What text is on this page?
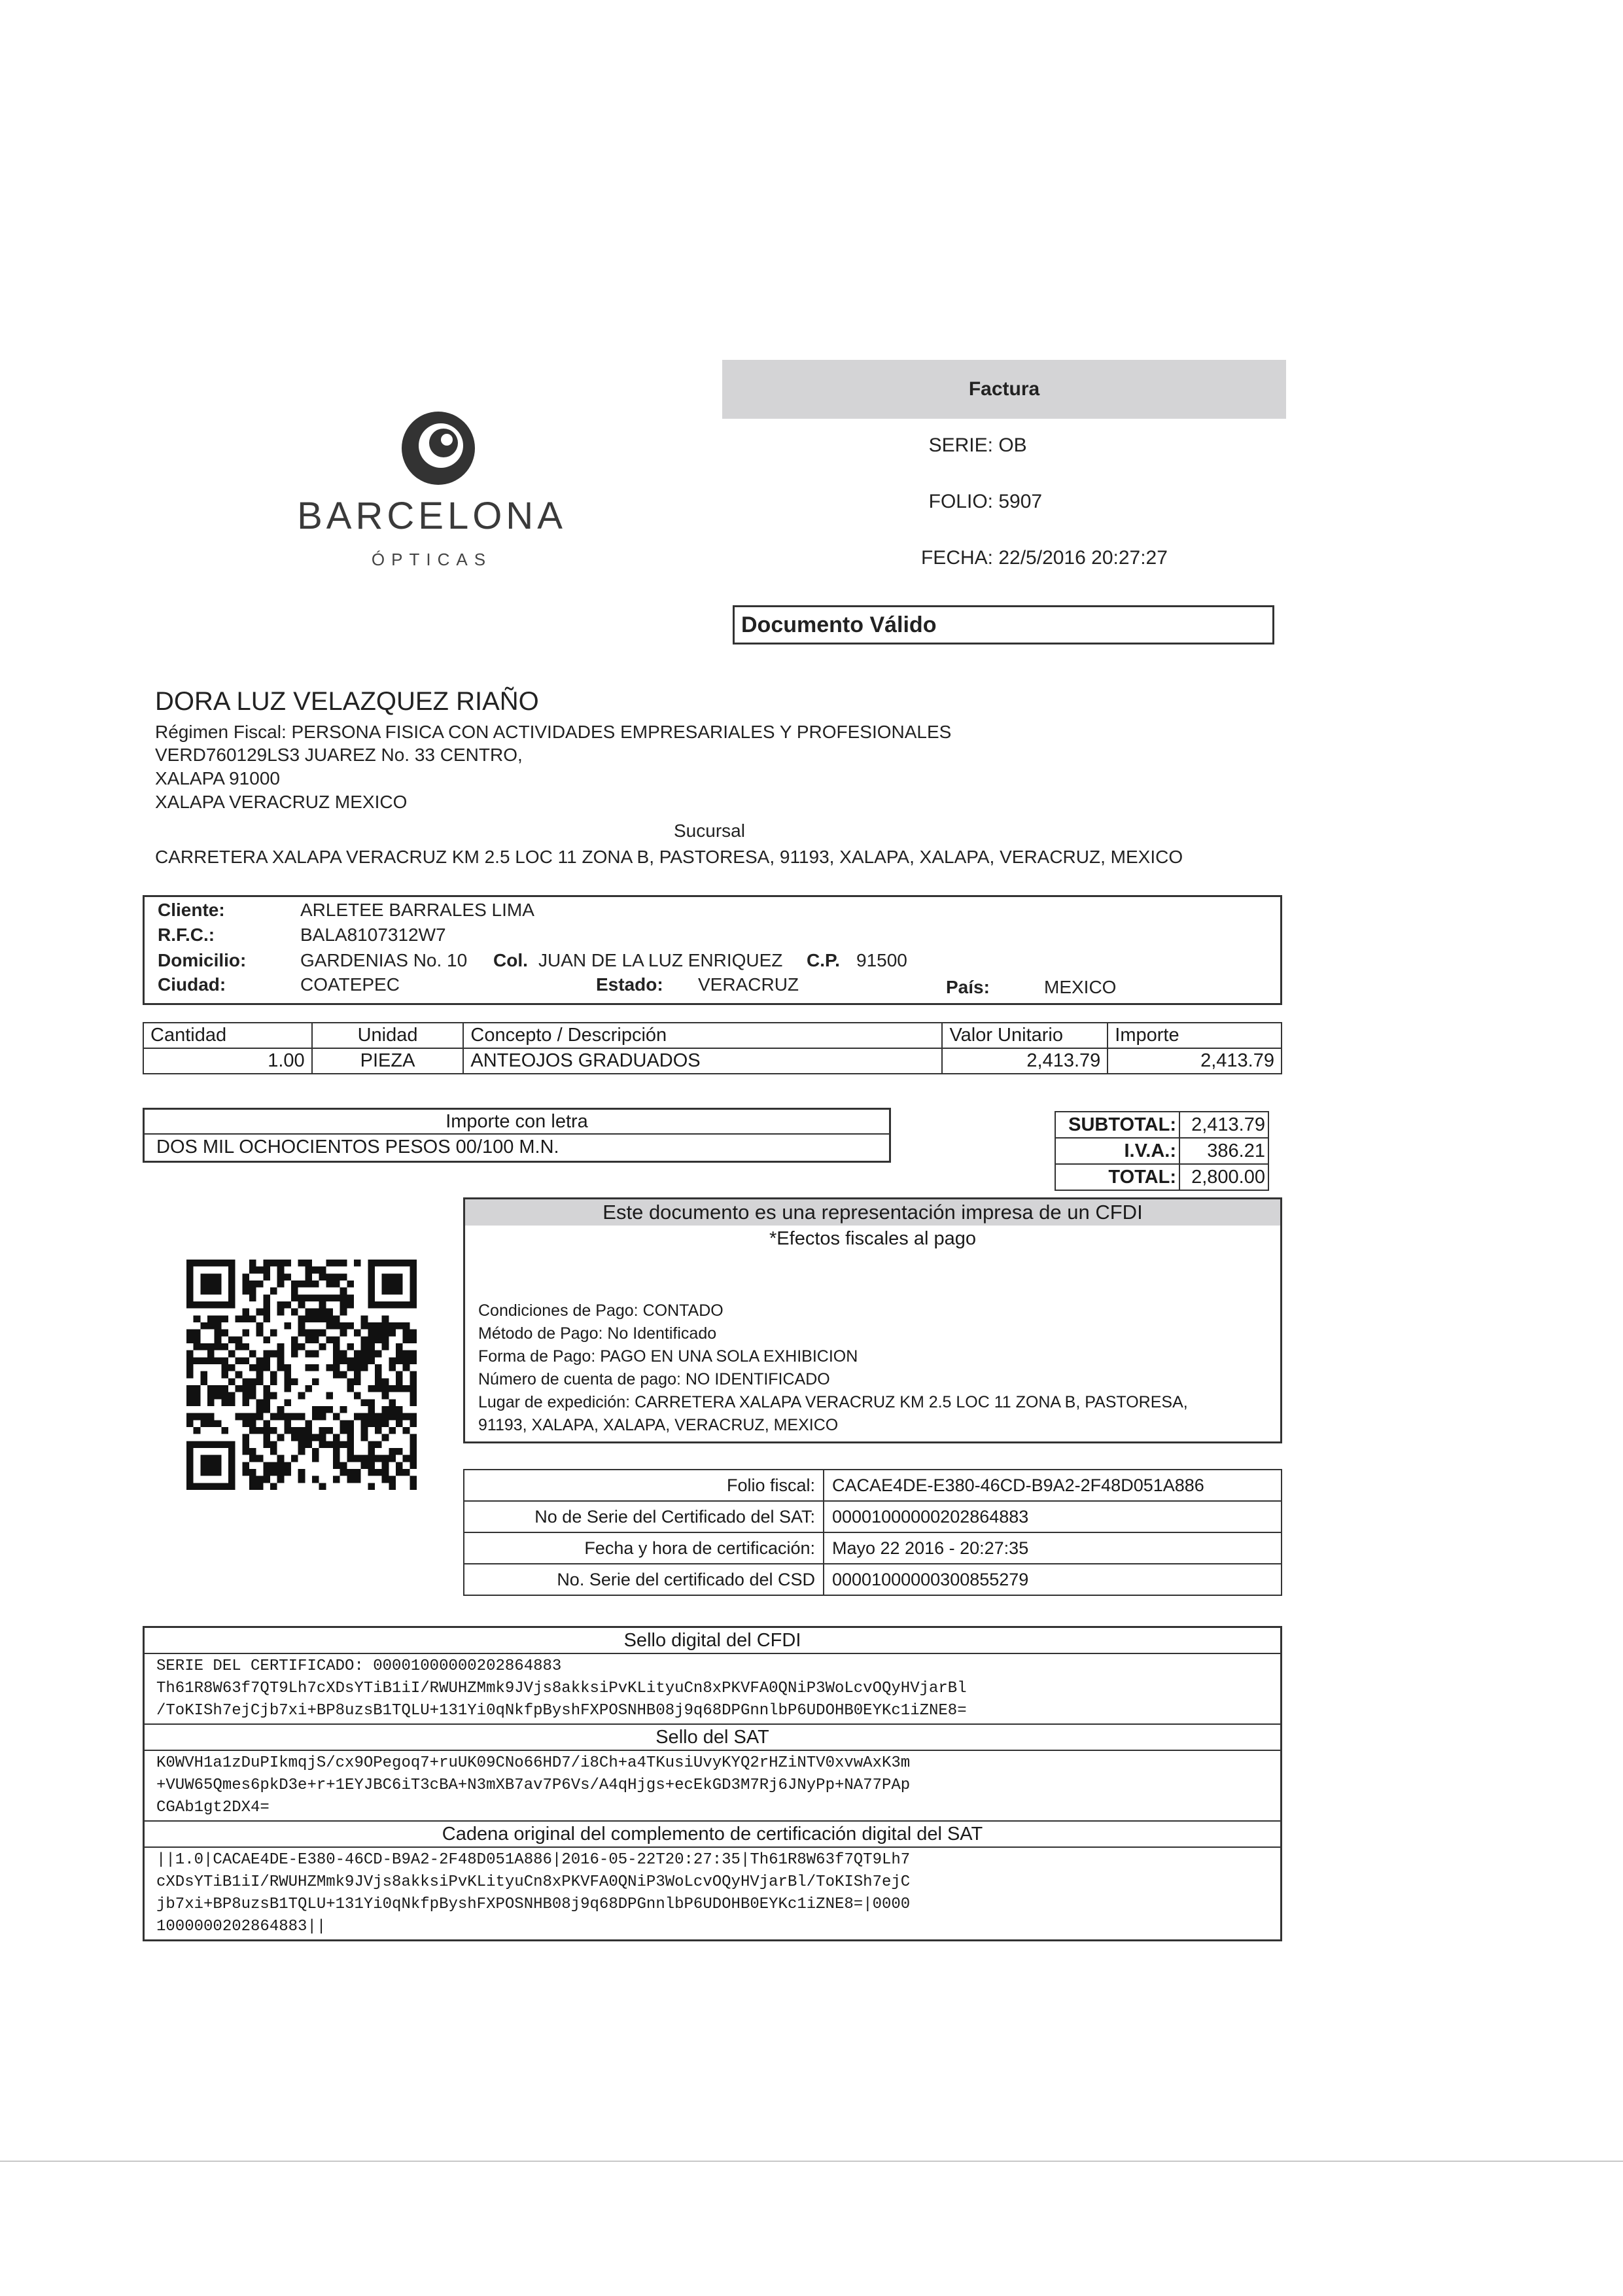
BARCELONA
ÓPTICAS
Factura
SERIE: OB
FOLIO: 5907
FECHA: 22/5/2016 20:27:27
Documento Válido
DORA LUZ VELAZQUEZ RIAÑO
Régimen Fiscal: PERSONA FISICA CON ACTIVIDADES EMPRESARIALES Y PROFESIONALES
VERD760129LS3 JUAREZ No. 33 CENTRO,
XALAPA 91000
XALAPA VERACRUZ MEXICO
Sucursal
CARRETERA XALAPA VERACRUZ KM 2.5 LOC 11 ZONA B, PASTORESA, 91193, XALAPA, XALAPA, VERACRUZ, MEXICO
Cliente:	ARLETEE BARRALES LIMA
R.F.C.:	BALA8107312W7
Domicilio:	GARDENIAS No. 10 Col. JUAN DE LA LUZ ENRIQUEZ C.P. 91500
Ciudad:	COATEPEC	Estado: VERACRUZ	País:	MEXICO
Cantidad	Unidad	Concepto / Descripción	Valor Unitario	Importe
1.00	PIEZA	ANTEOJOS GRADUADOS	2,413.79	2,413.79
Importe con letra
DOS MIL OCHOCIENTOS PESOS 00/100 M.N.
SUBTOTAL:	2,413.79
I.V.A.:	386.21
TOTAL:	2,800.00
Este documento es una representación impresa de un CFDI
*Efectos fiscales al pago
Condiciones de Pago: CONTADO
Método de Pago: No Identificado
Forma de Pago: PAGO EN UNA SOLA EXHIBICION
Número de cuenta de pago: NO IDENTIFICADO
Lugar de expedición: CARRETERA XALAPA VERACRUZ KM 2.5 LOC 11 ZONA B, PASTORESA,
91193, XALAPA, XALAPA, VERACRUZ, MEXICO
Folio fiscal:	CACAE4DE-E380-46CD-B9A2-2F48D051A886
No de Serie del Certificado del SAT:	00001000000202864883
Fecha y hora de certificación:	Mayo 22 2016 - 20:27:35
No. Serie del certificado del CSD	00001000000300855279
Sello digital del CFDI
SERIE DEL CERTIFICADO: 00001000000202864883
Th61R8W63f7QT9Lh7cXDsYTiB1iI/RWUHZMmk9JVjs8akksiPvKLityuCn8xPKVFA0QNiP3WoLcvOQyHVjarBl
/ToKISh7ejCjb7xi+BP8uzsB1TQLU+131Yi0qNkfpByshFXPOSNHB08j9q68DPGnnlbP6UDOHB0EYKc1iZNE8=
Sello del SAT
K0WVH1a1zDuPIkmqjS/cx9OPegoq7+ruUK09CNo66HD7/i8Ch+a4TKusiUvyKYQ2rHZiNTV0xvwAxK3m
+VUW65Qmes6pkD3e+r+1EYJBC6iT3cBA+N3mXB7av7P6Vs/A4qHjgs+ecEkGD3M7Rj6JNyPp+NA77PAp
CGAb1gt2DX4=
Cadena original del complemento de certificación digital del SAT
||1.0|CACAE4DE-E380-46CD-B9A2-2F48D051A886|2016-05-22T20:27:35|Th61R8W63f7QT9Lh7
cXDsYTiB1iI/RWUHZMmk9JVjs8akksiPvKLityuCn8xPKVFA0QNiP3WoLcvOQyHVjarBl/ToKISh7ejC
jb7xi+BP8uzsB1TQLU+131Yi0qNkfpByshFXPOSNHB08j9q68DPGnnlbP6UDOHB0EYKc1iZNE8=|0000
1000000202864883||
